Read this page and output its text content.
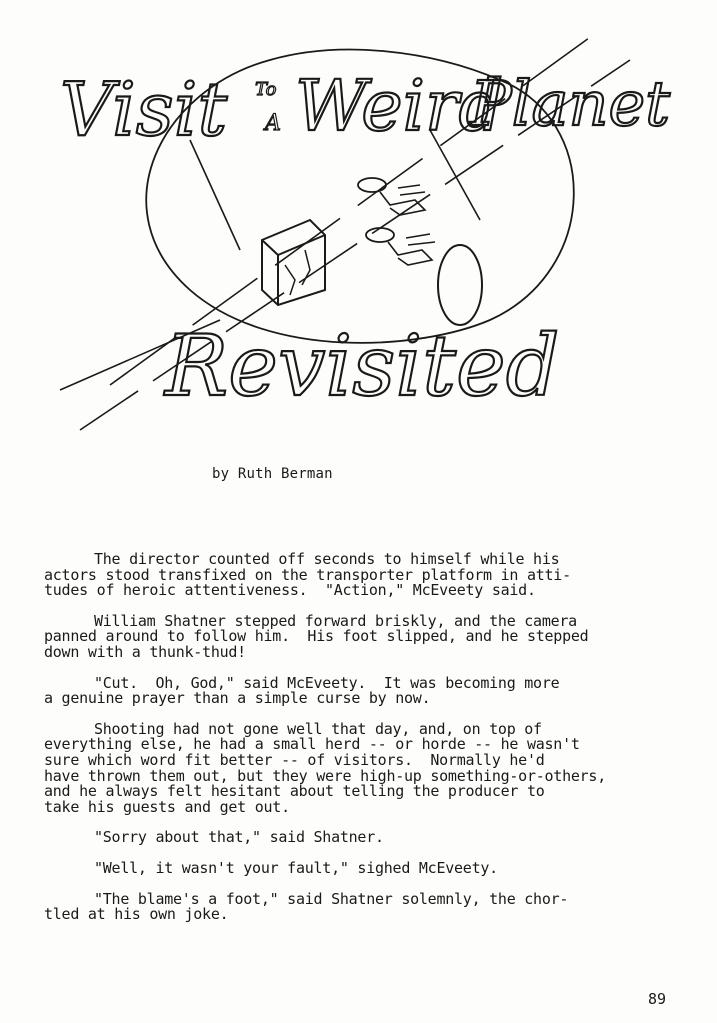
Visit To
A Weird
Planet
Revisited
by Ruth Berman

The director counted off seconds to himself while his
actors stood transfixed on the transporter platform in atti-
tudes of heroic attentiveness.  "Action," McEveety said.

William Shatner stepped forward briskly, and the camera
panned around to follow him.  His foot slipped, and he stepped
down with a thunk-thud!

"Cut.  Oh, God," said McEveety.  It was becoming more
a genuine prayer than a simple curse by now.

Shooting had not gone well that day, and, on top of
everything else, he had a small herd -- or horde -- he wasn't
sure which word fit better -- of visitors.  Normally he'd
have thrown them out, but they were high-up something-or-others,
and he always felt hesitant about telling the producer to
take his guests and get out.

"Sorry about that," said Shatner.

"Well, it wasn't your fault," sighed McEveety.

"The blame's a foot," said Shatner solemnly, the chor-
tled at his own joke.

89
